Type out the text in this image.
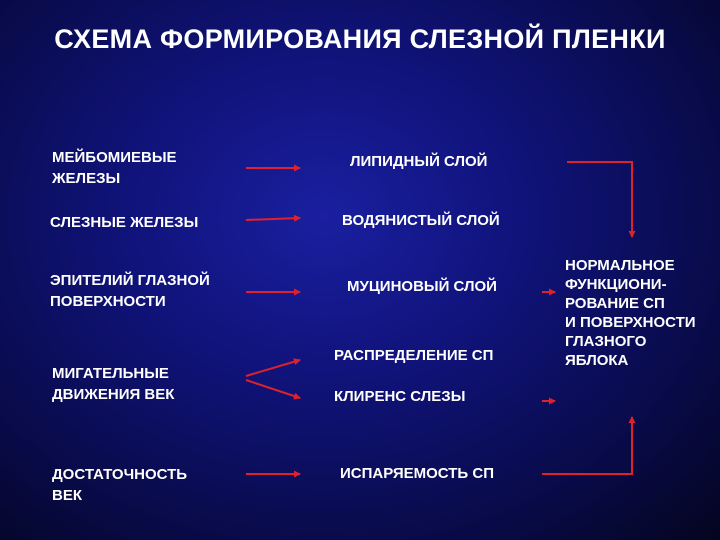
СХЕМА ФОРМИРОВАНИЯ СЛЕЗНОЙ ПЛЕНКИ
МЕЙБОМИЕВЫЕ
ЖЕЛЕЗЫ
СЛЕЗНЫЕ ЖЕЛЕЗЫ
ЭПИТЕЛИЙ ГЛАЗНОЙ
ПОВЕРХНОСТИ
МИГАТЕЛЬНЫЕ
ДВИЖЕНИЯ ВЕК
ДОСТАТОЧНОСТЬ
ВЕК
ЛИПИДНЫЙ СЛОЙ
ВОДЯНИСТЫЙ СЛОЙ
МУЦИНОВЫЙ СЛОЙ
РАСПРЕДЕЛЕНИЕ СП
КЛИРЕНС СЛЕЗЫ
ИСПАРЯЕМОСТЬ СП
НОРМАЛЬНОЕ
ФУНКЦИОНИ-
РОВАНИЕ СП
И ПОВЕРХНОСТИ
ГЛАЗНОГО
ЯБЛОКА
